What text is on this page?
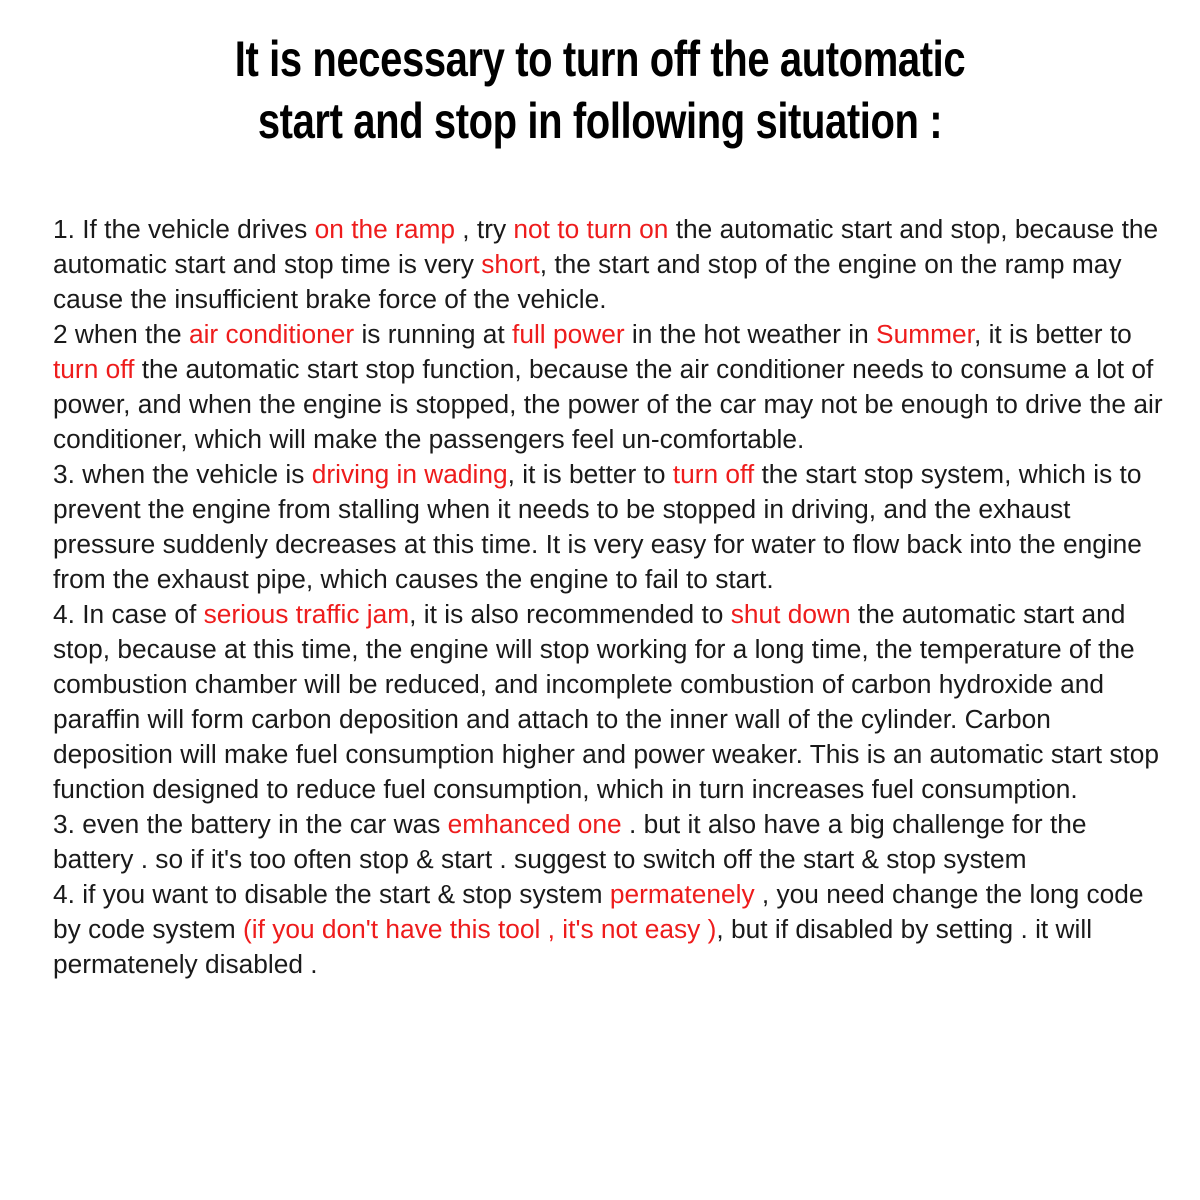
It is necessary to turn off the automatic
start and stop in following situation :

1. If the vehicle drives on the ramp , try not to turn on the automatic start and stop, because the automatic start and stop time is very short, the start and stop of the engine on the ramp may cause the insufficient brake force of the vehicle.

2 when the air conditioner is running at full power in the hot weather in Summer, it is better to turn off the automatic start stop function, because the air conditioner needs to consume a lot of power, and when the engine is stopped, the power of the car may not be enough to drive the air conditioner, which will make the passengers feel un-comfortable.

3. when the vehicle is driving in wading, it is better to turn off the start stop system, which is to prevent the engine from stalling when it needs to be stopped in driving, and the exhaust pressure suddenly decreases at this time. It is very easy for water to flow back into the engine from the exhaust pipe, which causes the engine to fail to start.

4. In case of serious traffic jam, it is also recommended to shut down the automatic start and stop, because at this time, the engine will stop working for a long time, the temperature of the combustion chamber will be reduced, and incomplete combustion of carbon hydroxide and paraffin will form carbon deposition and attach to the inner wall of the cylinder. Carbon deposition will make fuel consumption higher and power weaker. This is an automatic start stop function designed to reduce fuel consumption, which in turn increases fuel consumption.

3. even the battery in the car was emhanced one . but it also have a big challenge for the battery . so if it's too often stop & start . suggest to switch off the start & stop system

4. if you want to disable the start & stop system permatenely , you need change the long code by code system (if you don't have this tool , it's not easy ), but if disabled by setting . it will permatenely disabled .
